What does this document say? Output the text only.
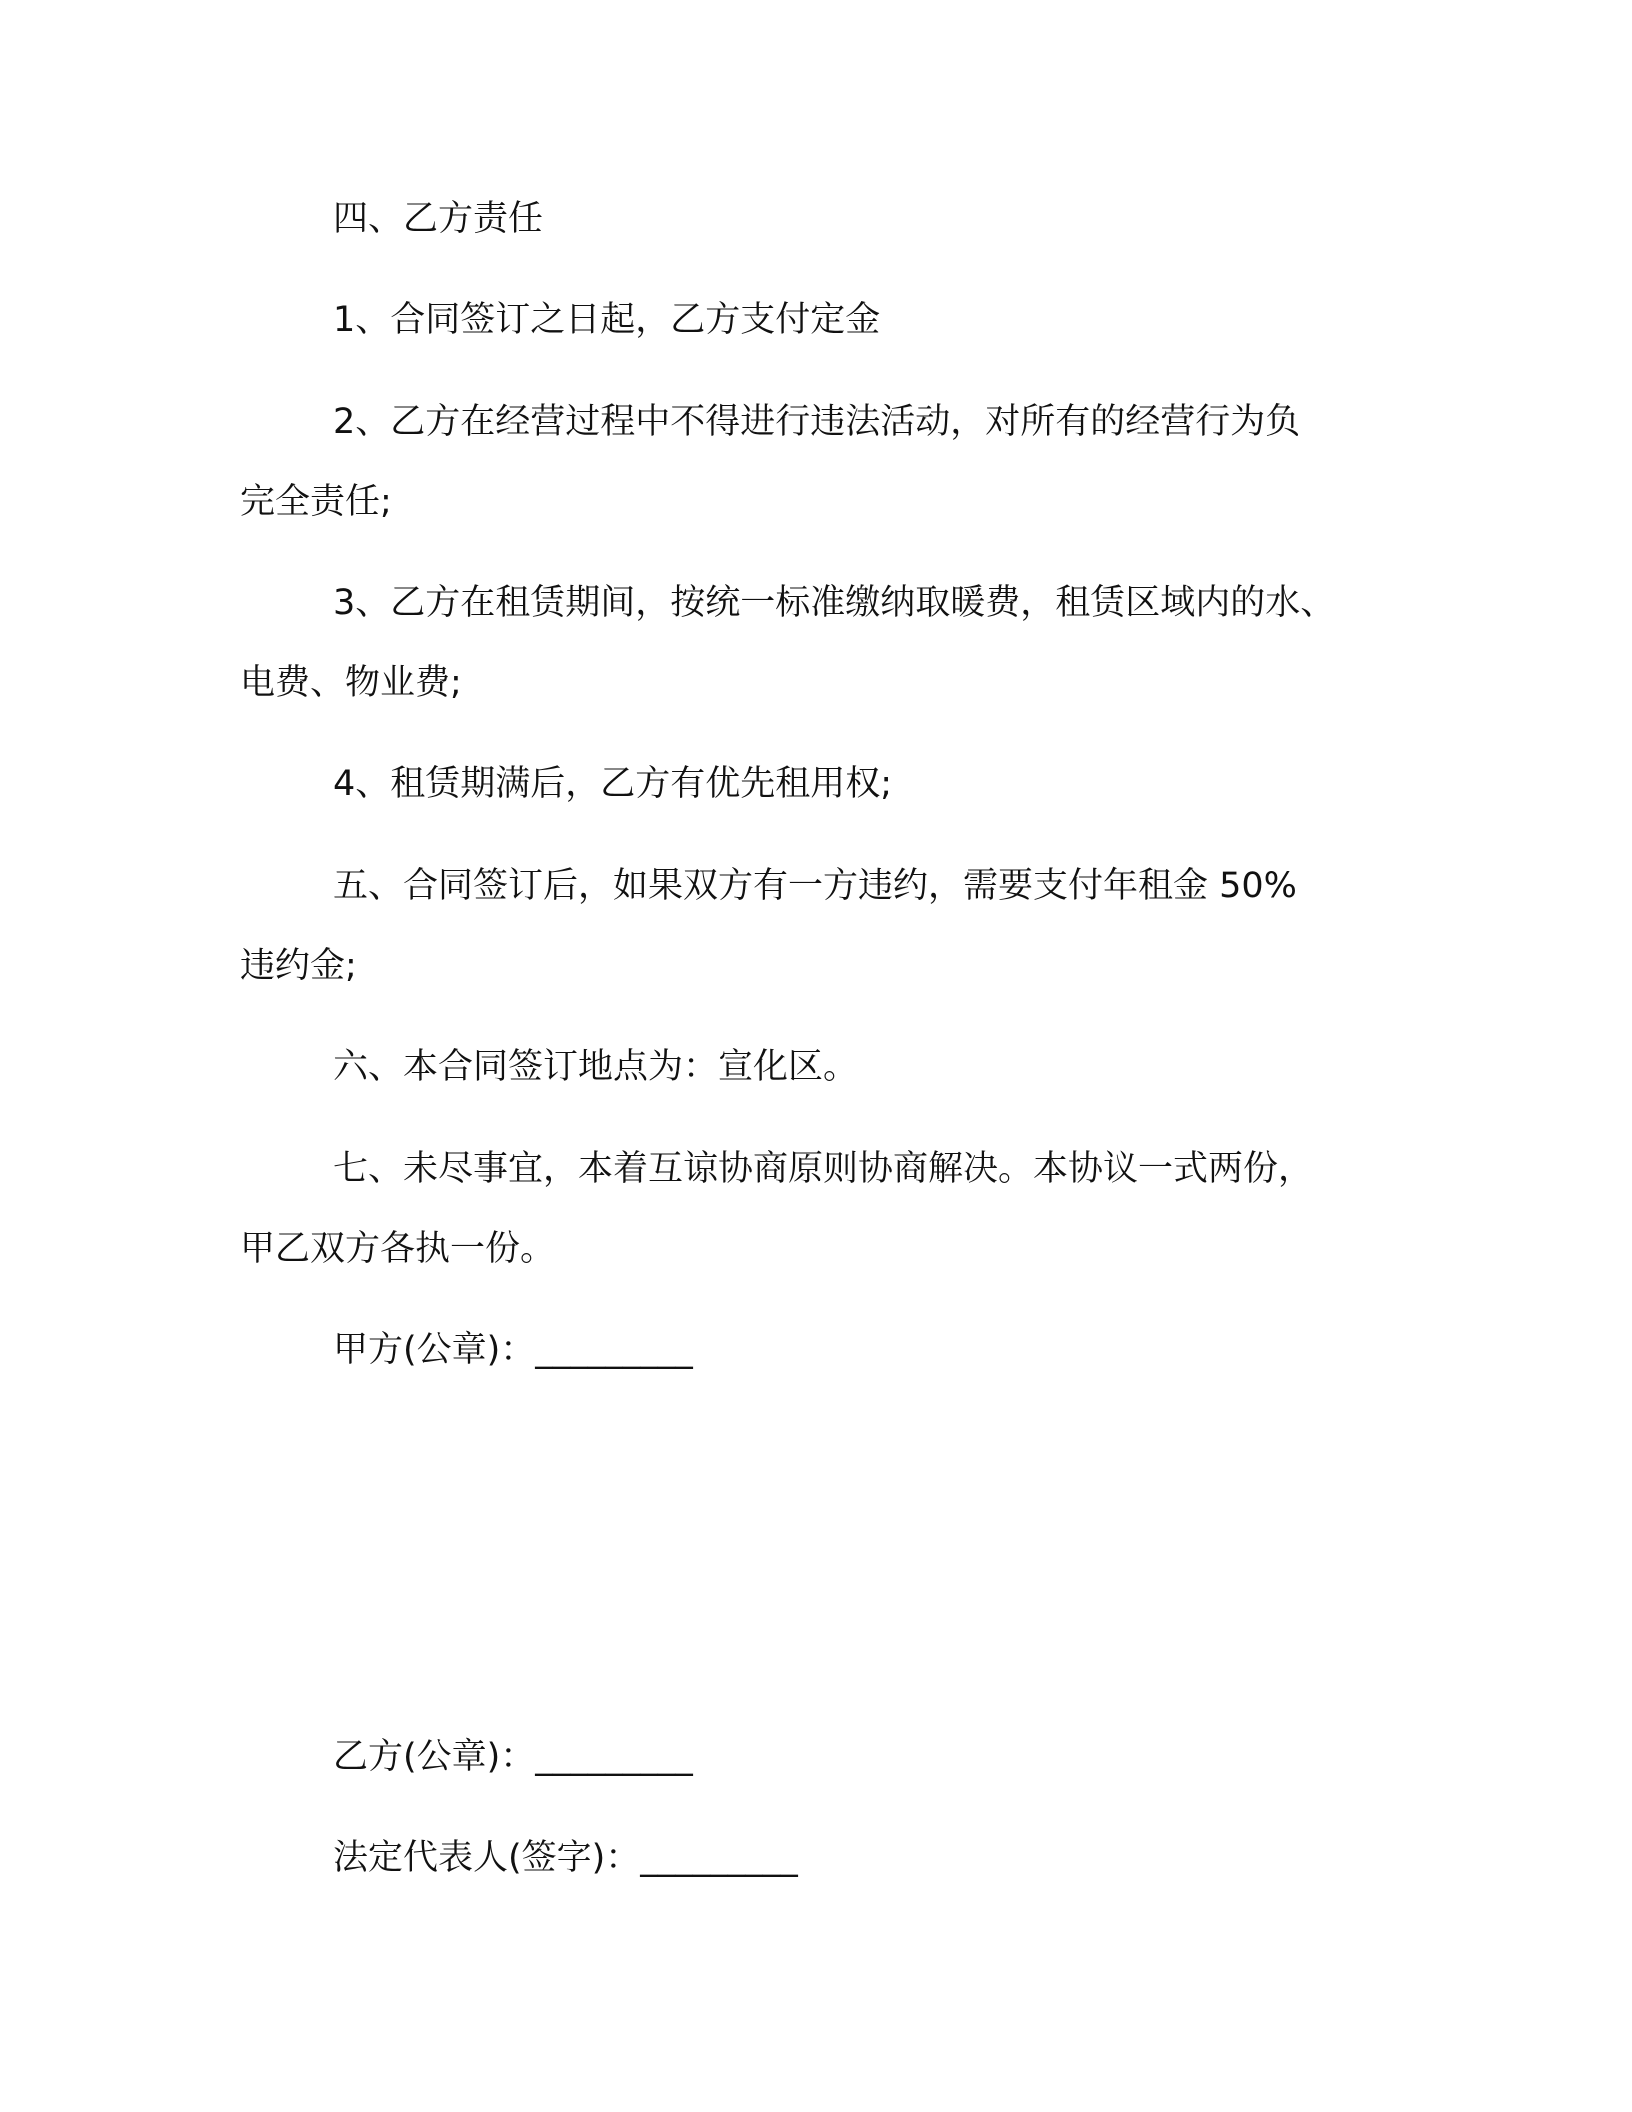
四、乙方责任
1、合同签订之日起，乙方支付定金
2、乙方在经营过程中不得进行违法活动，对所有的经营行为负
完全责任;
3、乙方在租赁期间，按统一标准缴纳取暖费，租赁区域内的水、
电费、物业费;
4、租赁期满后，乙方有优先租用权;
五、合同签订后，如果双方有一方违约，需要支付年租金 50%
违约金;
六、本合同签订地点为：宣化区。
七、未尽事宜，本着互谅协商原则协商解决。本协议一式两份，
甲乙双方各执一份。
甲方(公章)：_________
乙方(公章)：_________
法定代表人(签字)：_________
